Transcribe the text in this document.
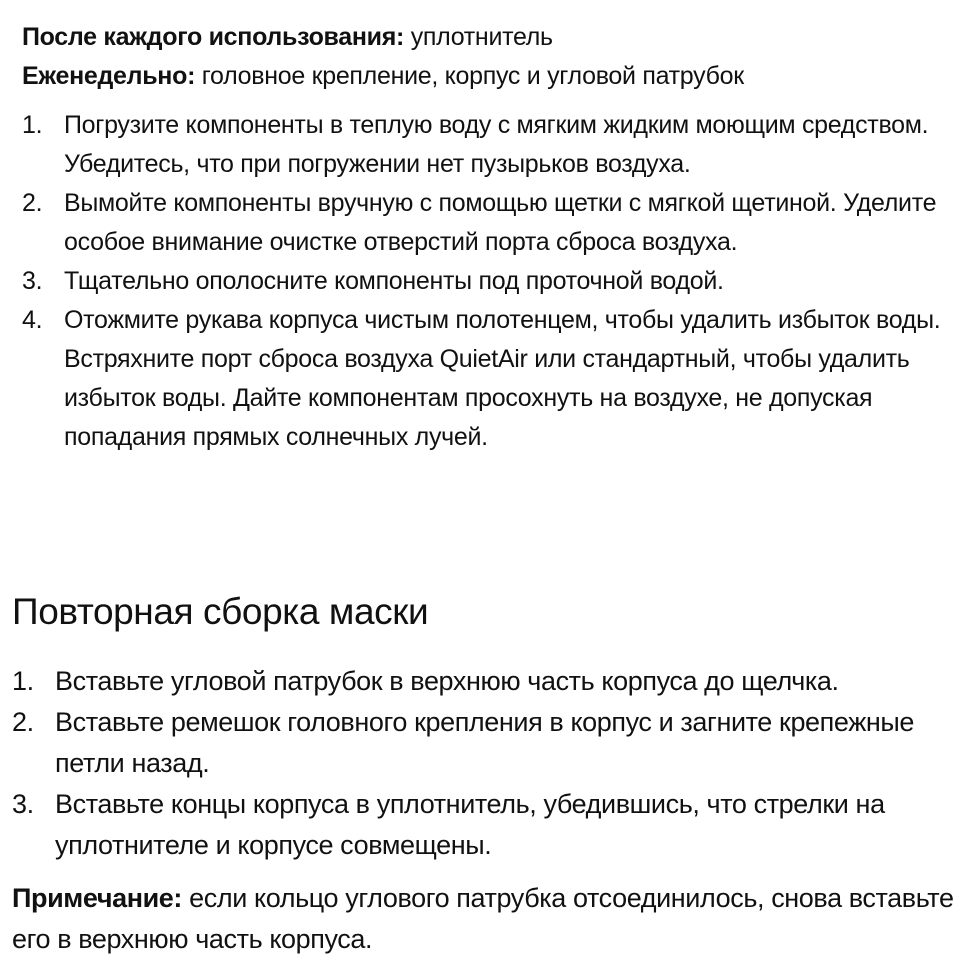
После каждого использования: уплотнитель

Еженедельно: головное крепление, корпус и угловой патрубок

1. Погрузите компоненты в теплую воду с мягким жидким моющим средством. Убедитесь, что при погружении нет пузырьков воздуха.
2. Вымойте компоненты вручную с помощью щетки с мягкой щетиной. Уделите особое внимание очистке отверстий порта сброса воздуха.
3. Тщательно ополосните компоненты под проточной водой.
4. Отожмите рукава корпуса чистым полотенцем, чтобы удалить избыток воды. Встряхните порт сброса воздуха QuietAir или стандартный, чтобы удалить избыток воды. Дайте компонентам просохнуть на воздухе, не допуская попадания прямых солнечных лучей.
Повторная сборка маски
1. Вставьте угловой патрубок в верхнюю часть корпуса до щелчка.
2. Вставьте ремешок головного крепления в корпус и загните крепежные петли назад.
3. Вставьте концы корпуса в уплотнитель, убедившись, что стрелки на уплотнителе и корпусе совмещены.

Примечание: если кольцо углового патрубка отсоединилось, снова вставьте его в верхнюю часть корпуса.
